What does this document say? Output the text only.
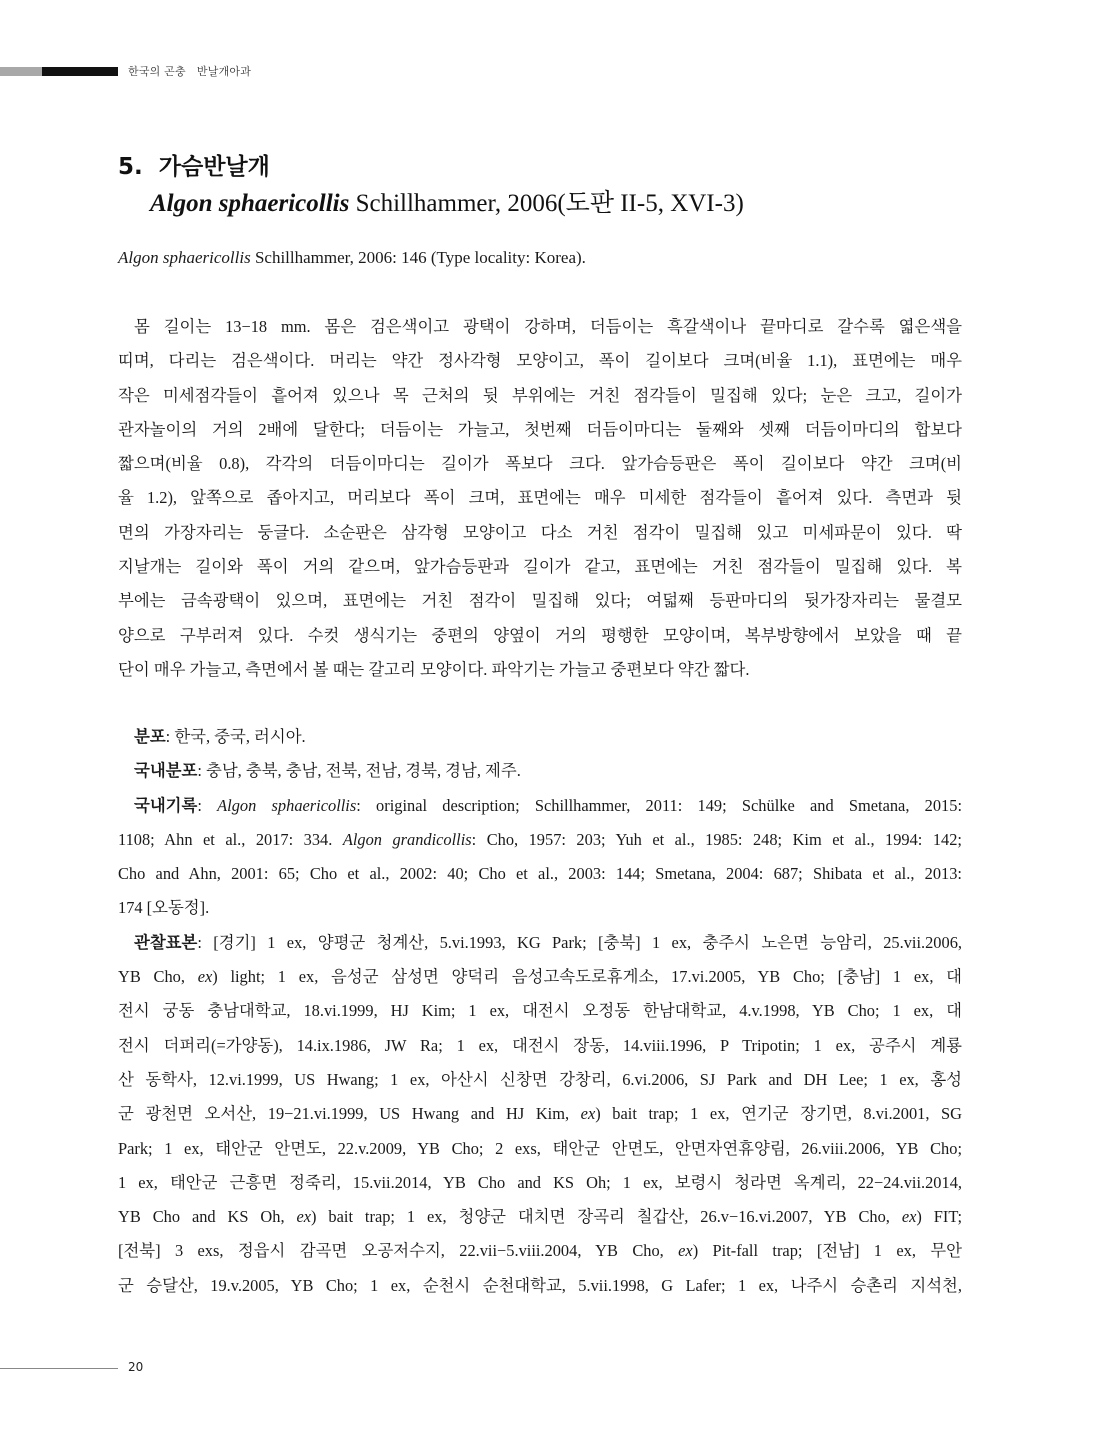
한국의 곤충   반날개아과
5.  가슴반날개
Algon sphaericollis Schillhammer, 2006(도판 II-5, XVI-3)
Algon sphaericollis Schillhammer, 2006: 146 (Type locality: Korea).
몸 길이는 13−18 mm. 몸은 검은색이고 광택이 강하며, 더듬이는 흑갈색이나 끝마디로 갈수록 엷은색을
띠며, 다리는 검은색이다. 머리는 약간 정사각형 모양이고, 폭이 길이보다 크며(비율 1.1), 표면에는 매우
작은 미세점각들이 흩어져 있으나 목 근처의 뒷 부위에는 거친 점각들이 밀집해 있다; 눈은 크고, 길이가
관자놀이의 거의 2배에 달한다; 더듬이는 가늘고, 첫번째 더듬이마디는 둘째와 셋째 더듬이마디의 합보다
짧으며(비율 0.8), 각각의 더듬이마디는 길이가 폭보다 크다. 앞가슴등판은 폭이 길이보다 약간 크며(비
율 1.2), 앞쪽으로 좁아지고, 머리보다 폭이 크며, 표면에는 매우 미세한 점각들이 흩어져 있다. 측면과 뒷
면의 가장자리는 둥글다. 소순판은 삼각형 모양이고 다소 거친 점각이 밀집해 있고 미세파문이 있다. 딱
지날개는 길이와 폭이 거의 같으며, 앞가슴등판과 길이가 같고, 표면에는 거친 점각들이 밀집해 있다. 복
부에는 금속광택이 있으며, 표면에는 거친 점각이 밀집해 있다; 여덟째 등판마디의 뒷가장자리는 물결모
양으로 구부러져 있다. 수컷 생식기는 중편의 양옆이 거의 평행한 모양이며, 복부방향에서 보았을 때 끝
단이 매우 가늘고, 측면에서 볼 때는 갈고리 모양이다. 파악기는 가늘고 중편보다 약간 짧다.
분포: 한국, 중국, 러시아.
국내분포: 충남, 충북, 충남, 전북, 전남, 경북, 경남, 제주.
국내기록: Algon sphaericollis: original description; Schillhammer, 2011: 149; Schülke and Smetana, 2015:
1108; Ahn et al., 2017: 334. Algon grandicollis: Cho, 1957: 203; Yuh et al., 1985: 248; Kim et al., 1994: 142;
Cho and Ahn, 2001: 65; Cho et al., 2002: 40; Cho et al., 2003: 144; Smetana, 2004: 687; Shibata et al., 2013:
174 [오동정].
관찰표본: [경기] 1 ex, 양평군 청계산, 5.vi.1993, KG Park; [충북] 1 ex, 충주시 노은면 능암리, 25.vii.2006,
YB Cho, ex) light; 1 ex, 음성군 삼성면 양덕리 음성고속도로휴게소, 17.vi.2005, YB Cho; [충남] 1 ex, 대
전시 궁동 충남대학교, 18.vi.1999, HJ Kim; 1 ex, 대전시 오정동 한남대학교, 4.v.1998, YB Cho; 1 ex, 대
전시 더퍼리(=가양동), 14.ix.1986, JW Ra; 1 ex, 대전시 장동, 14.viii.1996, P Tripotin; 1 ex, 공주시 계룡
산 동학사, 12.vi.1999, US Hwang; 1 ex, 아산시 신창면 강창리, 6.vi.2006, SJ Park and DH Lee; 1 ex, 홍성
군 광천면 오서산, 19−21.vi.1999, US Hwang and HJ Kim, ex) bait trap; 1 ex, 연기군 장기면, 8.vi.2001, SG
Park; 1 ex, 태안군 안면도, 22.v.2009, YB Cho; 2 exs, 태안군 안면도, 안면자연휴양림, 26.viii.2006, YB Cho;
1 ex, 태안군 근흥면 정죽리, 15.vii.2014, YB Cho and KS Oh; 1 ex, 보령시 청라면 옥계리, 22−24.vii.2014,
YB Cho and KS Oh, ex) bait trap; 1 ex, 청양군 대치면 장곡리 칠갑산, 26.v−16.vi.2007, YB Cho, ex) FIT;
[전북] 3 exs, 정읍시 감곡면 오공저수지, 22.vii−5.viii.2004, YB Cho, ex) Pit-fall trap; [전남] 1 ex, 무안
군 승달산, 19.v.2005, YB Cho; 1 ex, 순천시 순천대학교, 5.vii.1998, G Lafer; 1 ex, 나주시 승촌리 지석천,
20
